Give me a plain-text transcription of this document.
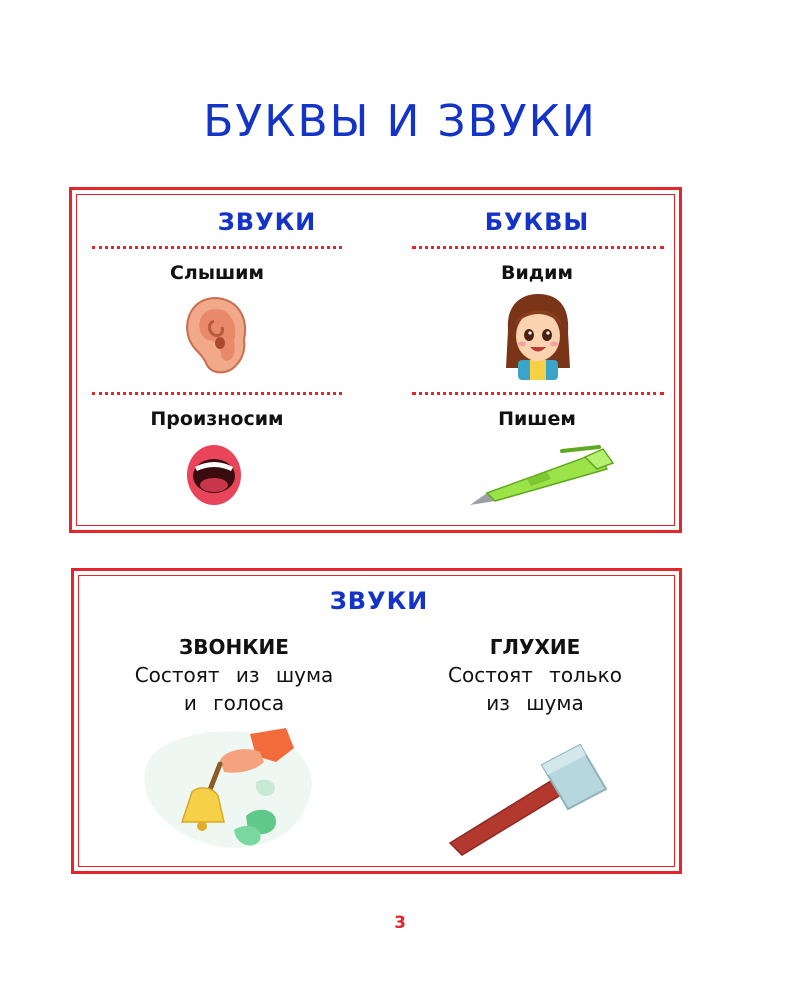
БУКВЫ И ЗВУКИ
ЗВУКИ	БУКВЫ
Слышим	Видим
Произносим	Пишем
ЗВУКИ
ЗВОНКИЕ
Состоят из шума
и голоса
ГЛУХИЕ
Состоят только
из шума
3
